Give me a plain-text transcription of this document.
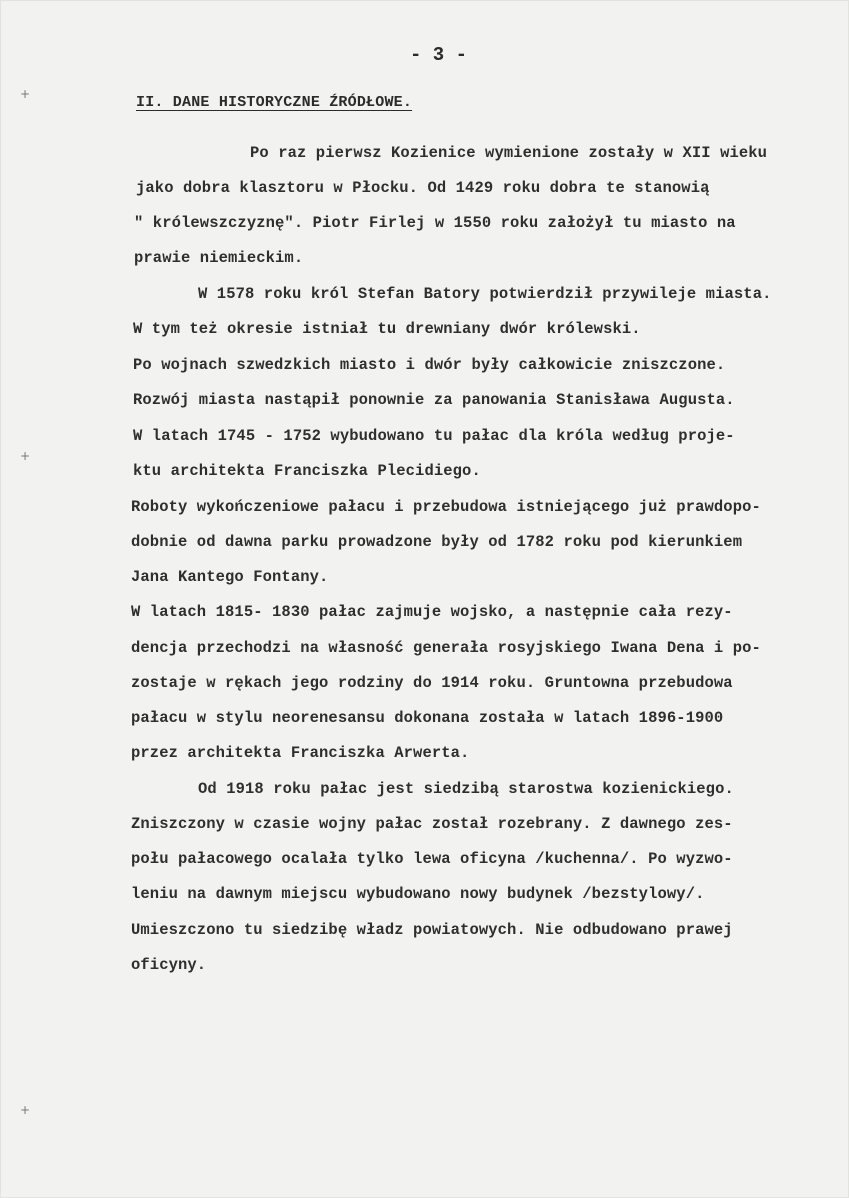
+
+
+
- 3 -
II. DANE HISTORYCZNE ŹRÓDŁOWE.
Po raz pierwsz Kozienice wymienione zostały w XII wieku
jako dobra klasztoru w Płocku. Od 1429 roku dobra te stanowią
" królewszczyznę". Piotr Firlej w 1550 roku założył tu miasto na
prawie niemieckim.
W 1578 roku król Stefan Batory potwierdził przywileje miasta.
W tym też okresie istniał tu drewniany dwór królewski.
Po wojnach szwedzkich miasto i dwór były całkowicie zniszczone.
Rozwój miasta nastąpił ponownie za panowania Stanisława Augusta.
W latach 1745 - 1752 wybudowano tu pałac dla króla według proje-
ktu architekta Franciszka Plecidiego.
Roboty wykończeniowe pałacu i przebudowa istniejącego już prawdopo-
dobnie od dawna parku prowadzone były od 1782 roku pod kierunkiem
Jana Kantego Fontany.
W latach 1815- 1830 pałac zajmuje wojsko, a następnie cała rezy-
dencja przechodzi na własność generała rosyjskiego Iwana Dena i po-
zostaje w rękach jego rodziny do 1914 roku. Gruntowna przebudowa
pałacu w stylu neorenesansu dokonana została w latach 1896-1900
przez architekta Franciszka Arwerta.
Od 1918 roku pałac jest siedzibą starostwa kozienickiego.
Zniszczony w czasie wojny pałac został rozebrany. Z dawnego zes-
połu pałacowego ocalała tylko lewa oficyna /kuchenna/. Po wyzwo-
leniu na dawnym miejscu wybudowano nowy budynek /bezstylowy/.
Umieszczono tu siedzibę władz powiatowych. Nie odbudowano prawej
oficyny.
